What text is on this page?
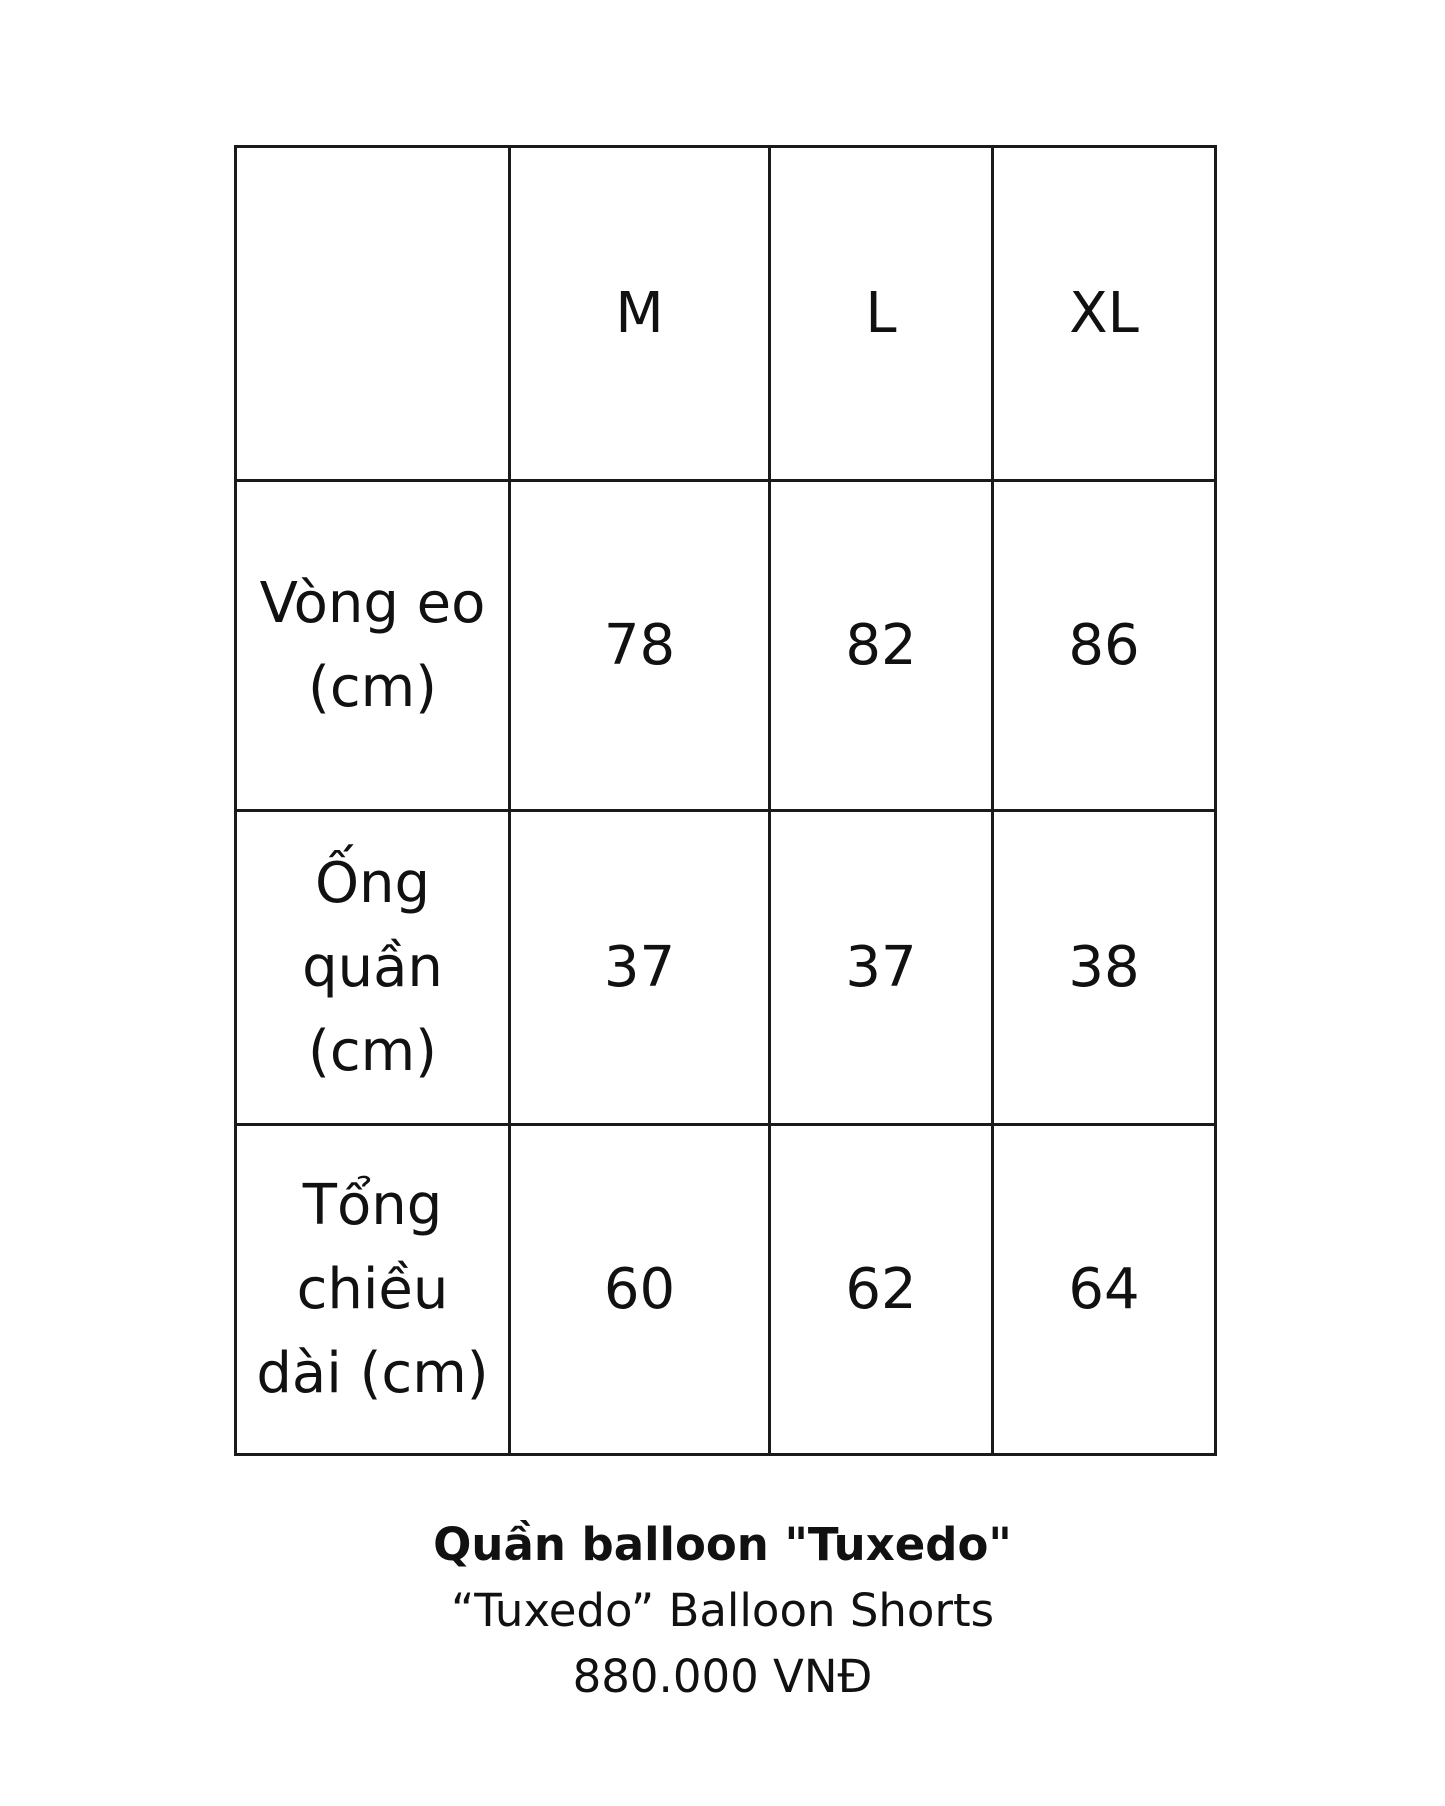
	M	L	XL
Vòng eo (cm)	78	82	86
Ống quần (cm)	37	37	38
Tổng chiều dài (cm)	60	62	64
Quần balloon "Tuxedo"
“Tuxedo” Balloon Shorts
880.000 VNĐ
